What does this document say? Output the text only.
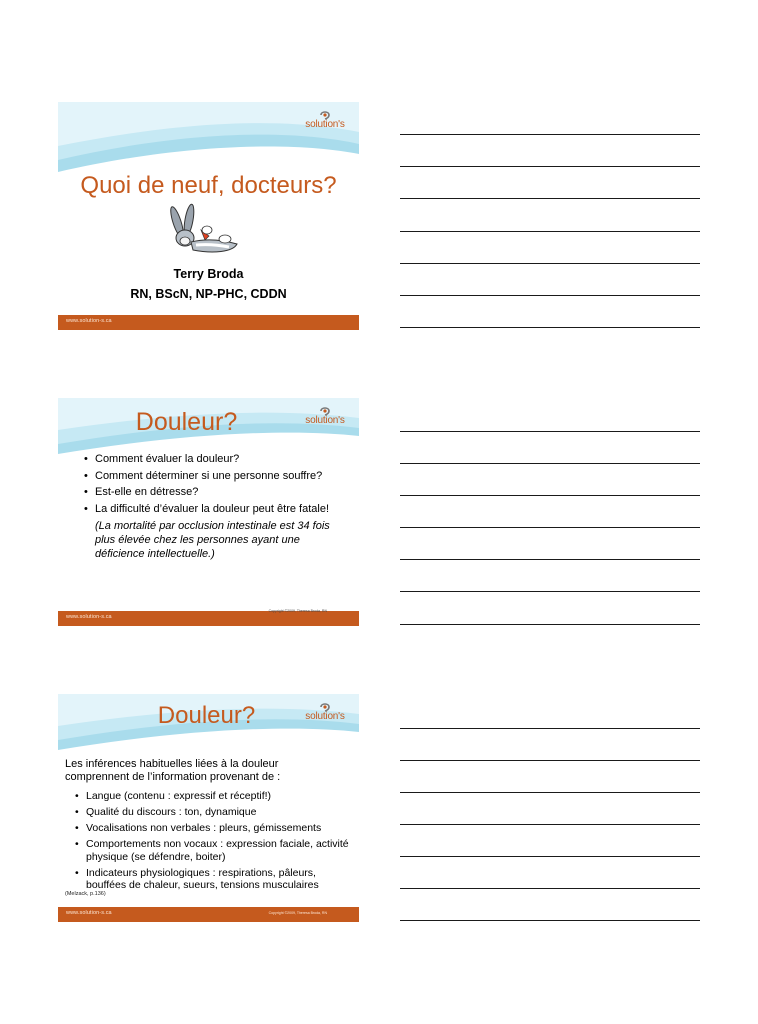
solution's
Quoi de neuf, docteurs?
Terry Broda
RN, BScN, NP-PHC, CDDN
www.solution-s.ca
solution's
Douleur?
• Comment évaluer la douleur?
• Comment déterminer si une personne souffre?
• Est-elle en détresse?
• La difficulté d’évaluer la douleur peut être fatale!
(La mortalité par occlusion intestinale est 34 fois plus élevée chez les personnes ayant une déficience intellectuelle.)
www.solution-s.ca
Copyright ©2009, Theresa Broda, RN
solution's
Douleur?
Les inférences habituelles liées à la douleur comprennent de l’information provenant de :
• Langue (contenu : expressif et réceptif!)
• Qualité du discours : ton, dynamique
• Vocalisations non verbales : pleurs, gémissements
• Comportements non vocaux : expression faciale, activité physique (se défendre, boiter)
• Indicateurs physiologiques : respirations, pâleurs, bouffées de chaleur, sueurs, tensions musculaires
(Melzack, p.136)
www.solution-s.ca	Copyright ©2009, Theresa Broda, RN
